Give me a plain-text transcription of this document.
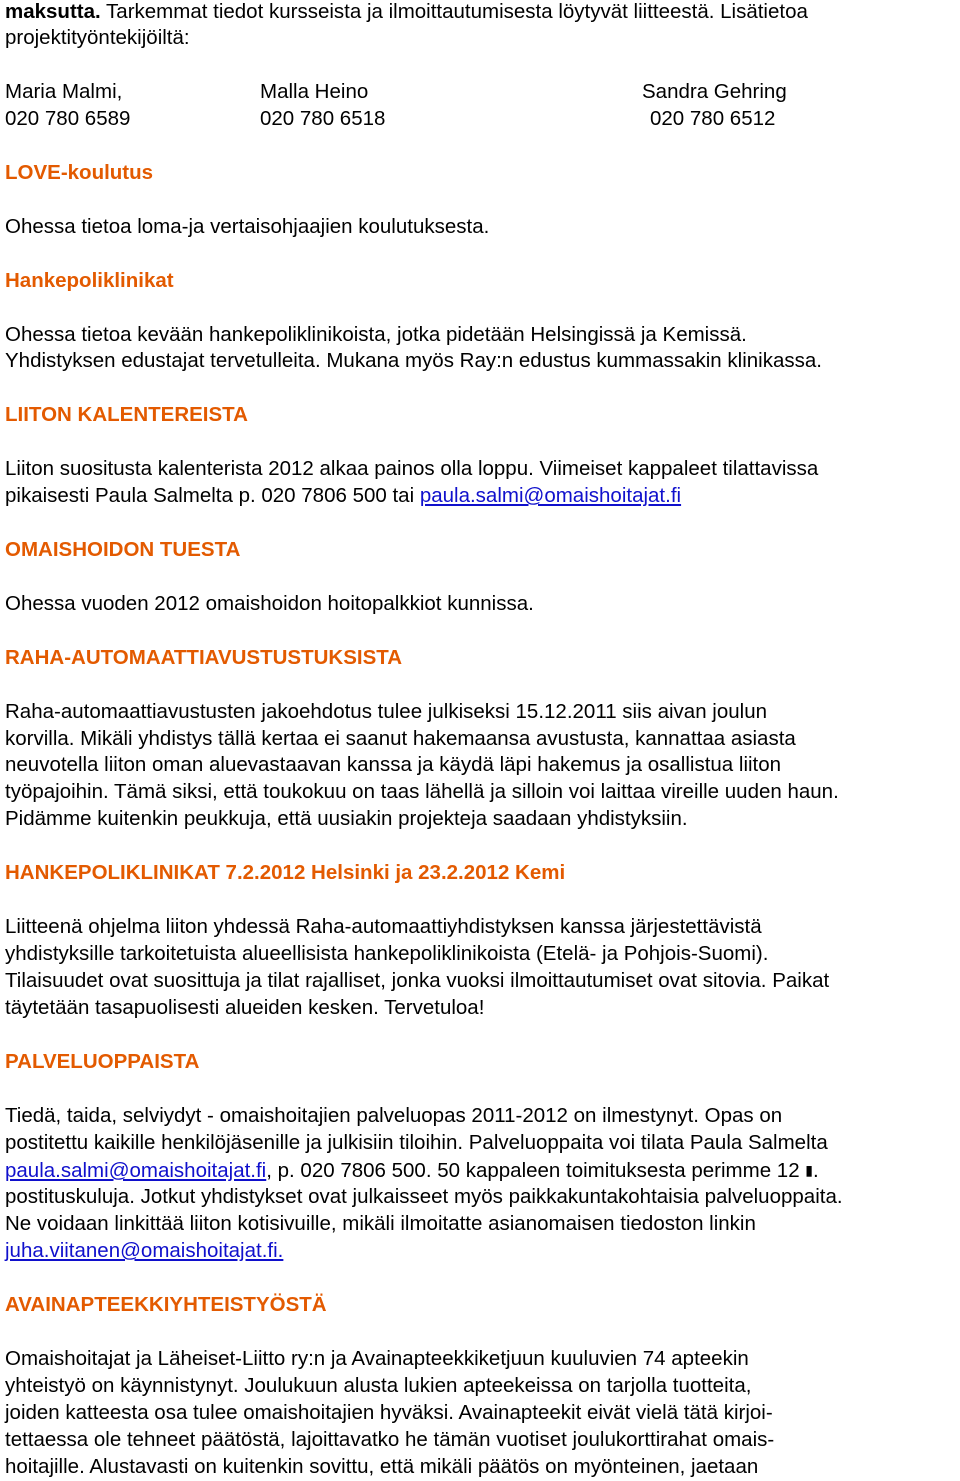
maksutta. Tarkemmat tiedot kursseista ja ilmoittautumisesta löytyvät liitteestä. Lisätietoa
projektityöntekijöiltä:
Maria Malmi,
020 780 6589
Malla Heino
020 780 6518
Sandra Gehring
020 780 6512
LOVE-koulutus
Ohessa tietoa loma-ja vertaisohjaajien koulutuksesta.
Hankepoliklinikat
Ohessa tietoa kevään hankepoliklinikoista, jotka pidetään Helsingissä ja Kemissä.
Yhdistyksen edustajat tervetulleita. Mukana myös Ray:n edustus kummassakin klinikassa.
LIITON KALENTEREISTA
Liiton suositusta kalenterista 2012 alkaa painos olla loppu. Viimeiset kappaleet tilattavissa
pikaisesti Paula Salmelta p. 020 7806 500 tai paula.salmi@omaishoitajat.fi
OMAISHOIDON TUESTA
Ohessa vuoden 2012 omaishoidon hoitopalkkiot kunnissa.
RAHA-AUTOMAATTIAVUSTUSTUKSISTA
Raha-automaattiavustusten jakoehdotus tulee julkiseksi 15.12.2011 siis aivan joulun
korvilla. Mikäli yhdistys tällä kertaa ei saanut hakemaansa avustusta, kannattaa asiasta
neuvotella liiton oman aluevastaavan kanssa ja käydä läpi hakemus ja osallistua liiton
työpajoihin. Tämä siksi, että toukokuu on taas lähellä ja silloin voi laittaa vireille uuden haun.
Pidämme kuitenkin peukkuja, että uusiakin projekteja saadaan yhdistyksiin.
HANKEPOLIKLINIKAT 7.2.2012 Helsinki ja 23.2.2012 Kemi
Liitteenä ohjelma liiton yhdessä Raha-automaattiyhdistyksen kanssa järjestettävistä
yhdistyksille tarkoitetuista alueellisista hankepoliklinikoista (Etelä- ja Pohjois-Suomi).
Tilaisuudet ovat suosittuja ja tilat rajalliset, jonka vuoksi ilmoittautumiset ovat sitovia. Paikat
täytetään tasapuolisesti alueiden kesken. Tervetuloa!
PALVELUOPPAISTA
Tiedä, taida, selviydyt - omaishoitajien palveluopas 2011-2012 on ilmestynyt. Opas on
postitettu kaikille henkilöjäsenille ja julkisiin tiloihin. Palveluoppaita voi tilata Paula Salmelta
paula.salmi@omaishoitajat.fi, p. 020 7806 500. 50 kappaleen toimituksesta perimme 12 ▮.
postituskuluja. Jotkut yhdistykset ovat julkaisseet myös paikkakuntakohtaisia palveluoppaita.
Ne voidaan linkittää liiton kotisivuille, mikäli ilmoitatte asianomaisen tiedoston linkin
juha.viitanen@omaishoitajat.fi.
AVAINAPTEEKKIYHTEISTYÖSTÄ
Omaishoitajat ja Läheiset-Liitto ry:n ja Avainapteekkiketjuun kuuluvien 74 apteekin
yhteistyö on käynnistynyt. Joulukuun alusta lukien apteekeissa on tarjolla tuotteita,
joiden katteesta osa tulee omaishoitajien hyväksi. Avainapteekit eivät vielä tätä kirjoi-
tettaessa ole tehneet päätöstä, lajoittavatko he tämän vuotiset joulukorttirahat omais-
hoitajille. Alustavasti on kuitenkin sovittu, että mikäli päätös on myönteinen, jaetaan
